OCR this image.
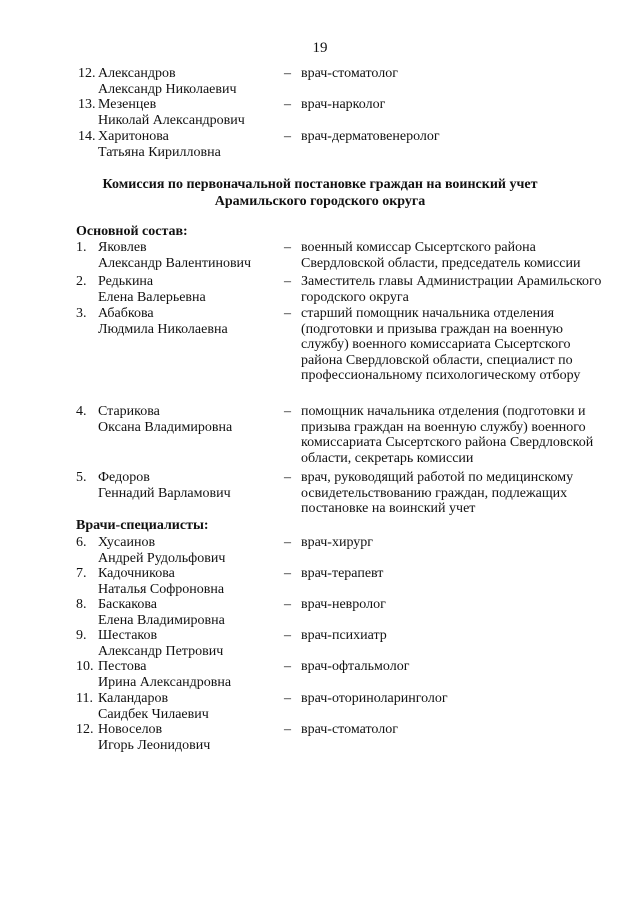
19
12. Александров
Александр Николаевич
– врач-стоматолог
13. Мезенцев
Николай Александрович
– врач-нарколог
14. Харитонова
Татьяна Кирилловна
– врач-дерматовенеролог
Комиссия по первоначальной постановке граждан на воинский учет
Арамильского городского округа
Основной состав:
1. Яковлев
Александр Валентинович
– военный комиссар Сысертского района Свердловской области, председатель комиссии
2. Редькина
Елена Валерьевна
– Заместитель главы Администрации Арамильского городского округа
3. Абабкова
Людмила Николаевна
– старший помощник начальника отделения (подготовки и призыва граждан на военную службу) военного комиссариата Сысертского района Свердловской области, специалист по профессиональному психологическому отбору
4. Старикова
Оксана Владимировна
– помощник начальника отделения (подготовки и призыва граждан на военную службу) военного комиссариата Сысертского района Свердловской области, секретарь комиссии
5. Федоров
Геннадий Варламович
– врач, руководящий работой по медицинскому освидетельствованию граждан, подлежащих постановке на воинский учет
Врачи-специалисты:
6. Хусаинов
Андрей Рудольфович
– врач-хирург
7. Кадочникова
Наталья Софроновна
– врач-терапевт
8. Баскакова
Елена Владимировна
– врач-невролог
9. Шестаков
Александр Петрович
– врач-психиатр
10. Пестова
Ирина Александровна
– врач-офтальмолог
11. Каландаров
Саидбек Чилаевич
– врач-оториноларинголог
12. Новоселов
Игорь Леонидович
– врач-стоматолог
